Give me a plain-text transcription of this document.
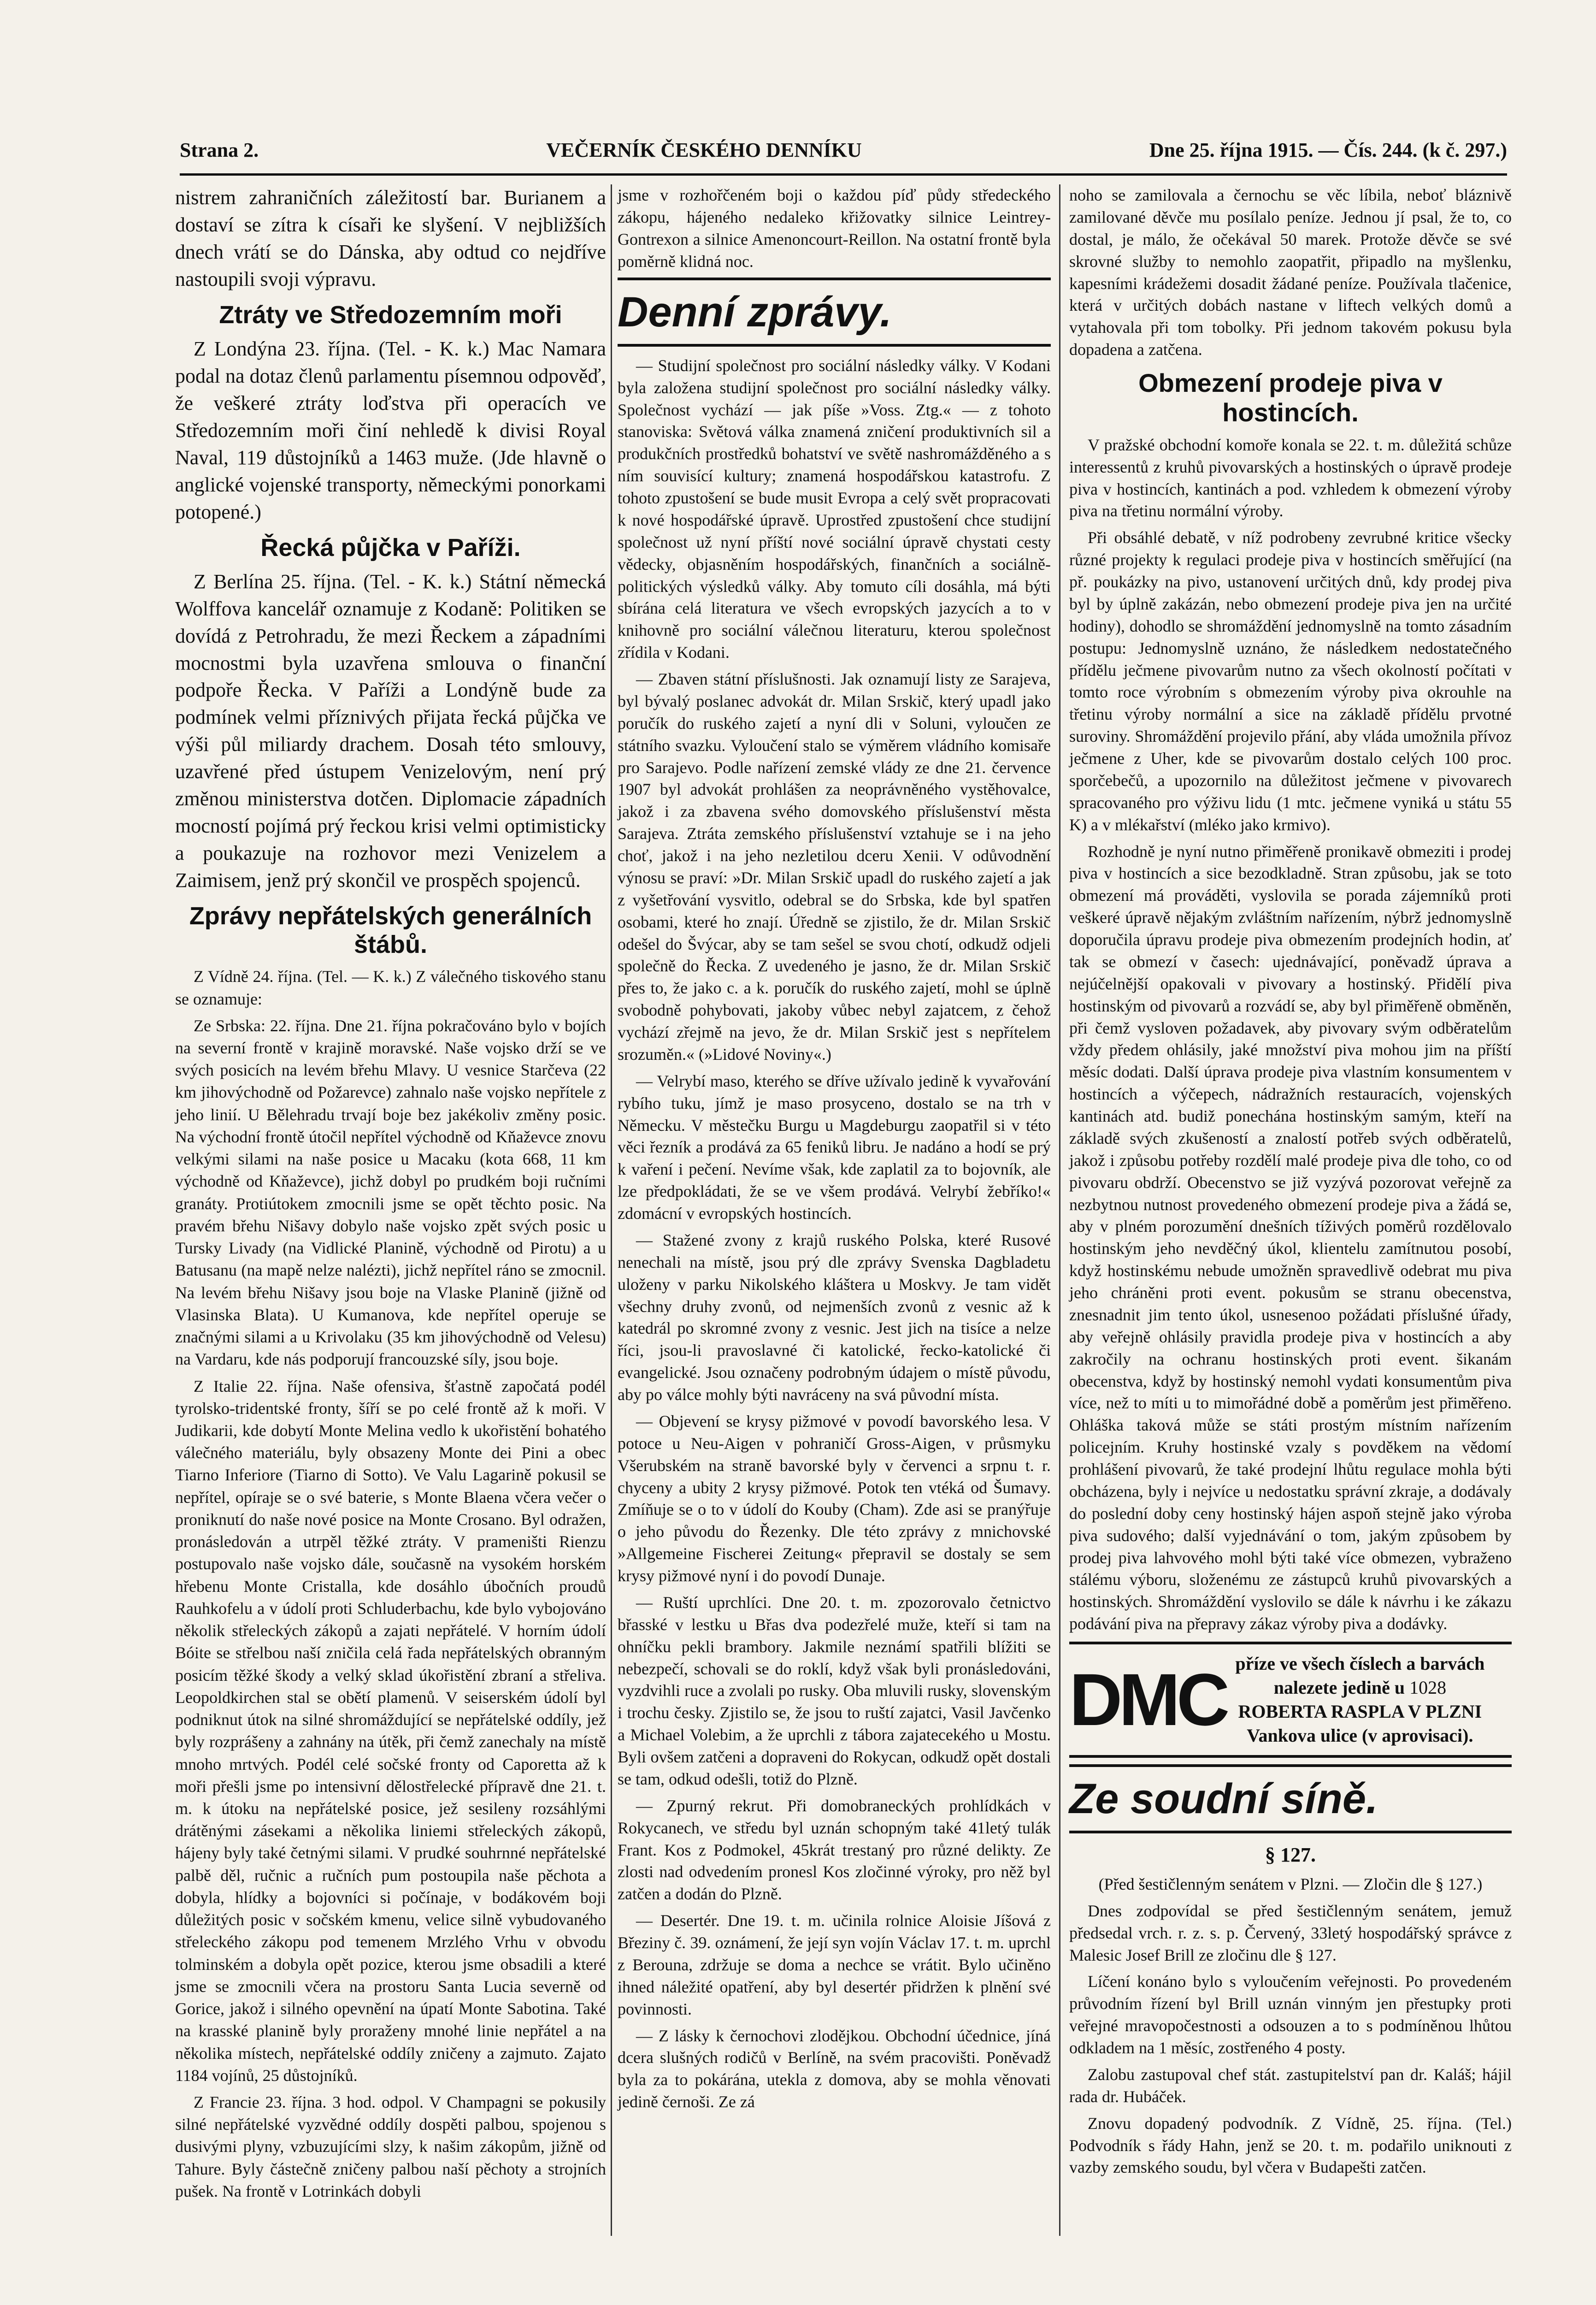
Strana 2.	VEČERNÍK ČESKÉHO DENNÍKU	Dne 25. října 1915. — Čís. 244. (k č. 297.)

nistrem zahraničních záležitostí bar. Burianem a dostaví se zítra k císaři ke slyšení. V nejbližších dnech vrátí se do Dánska, aby odtud co nejdříve nastoupili svoji výpravu.

Ztráty ve Středozemním moři

Z Londýna 23. října. (Tel. - K. k.) Mac Namara podal na dotaz členů parlamentu písemnou odpověď, že veškeré ztráty loďstva při operacích ve Středozemním moři činí nehledě k divisi Royal Naval, 119 důstojníků a 1463 muže. (Jde hlavně o anglické vojenské transporty, německými ponorkami potopené.)

Řecká půjčka v Paříži.

Z Berlína 25. října. (Tel. - K. k.) Státní německá Wolffova kancelář oznamuje z Kodaně: Politiken se dovídá z Petrohradu, že mezi Řeckem a západními mocnostmi byla uzavřena smlouva o finanční podpoře Řecka. V Paříži a Londýně bude za podmínek velmi příznivých přijata řecká půjčka ve výši půl miliardy drachem. Dosah této smlouvy, uzavřené před ústupem Venizelovým, není prý změnou ministerstva dotčen. Diplomacie západních mocností pojímá prý řeckou krisi velmi optimisticky a poukazuje na rozhovor mezi Venizelem a Zaimisem, jenž prý skončil ve prospěch spojenců.

Zprávy nepřátelských generálních štábů.

Z Vídně 24. října. (Tel. — K. k.) Z válečného tiskového stanu se oznamuje:

Ze Srbska: 22. října. Dne 21. října pokračováno bylo v bojích na severní frontě v krajině moravské. Naše vojsko drží se ve svých posicích na levém břehu Mlavy. U vesnice Starčeva (22 km jihovýchodně od Požarevce) zahnalo naše vojsko nepřítele z jeho linií. U Bělehradu trvají boje bez jakékoliv změny posic. Na východní frontě útočil nepřítel východně od Kňaževce znovu velkými silami na naše posice u Macaku (kota 668, 11 km východně od Kňaževce), jichž dobyl po prudkém boji ručními granáty. Protiútokem zmocnili jsme se opět těchto posic. Na pravém břehu Nišavy dobylo naše vojsko zpět svých posic u Tursky Livady (na Vidlické Planině, východně od Pirotu) a u Batusanu (na mapě nelze nalézti), jichž nepřítel ráno se zmocnil. Na levém břehu Nišavy jsou boje na Vlaske Planině (jižně od Vlasinska Blata). U Kumanova, kde nepřítel operuje se značnými silami a u Krivolaku (35 km jihovýchodně od Velesu) na Vardaru, kde nás podporují francouzské síly, jsou boje.

Z Italie 22. října. Naše ofensiva, šťastně započatá podél tyrolsko-tridentské fronty, šíří se po celé frontě až k moři. V Judikarii, kde dobytí Monte Melina vedlo k ukořistění bohatého válečného materiálu, byly obsazeny Monte dei Pini a obec Tiarno Inferiore (Tiarno di Sotto). Ve Valu Lagarině pokusil se nepřítel, opíraje se o své baterie, s Monte Blaena včera večer o proniknutí do naše nové posice na Monte Crosano. Byl odražen, pronásledován a utrpěl těžké ztráty. V prameništi Rienzu postupovalo naše vojsko dále, současně na vysokém horském hřebenu Monte Cristalla, kde dosáhlo úbočních proudů Rauhkofelu a v údolí proti Schluderbachu, kde bylo vybojováno několik střeleckých zákopů a zajati nepřátelé. V horním údolí Bóite se střelbou naší zničila celá řada nepřátelských obranným posicím těžké škody a velký sklad úkořistění zbraní a střeliva. Leopoldkirchen stal se obětí plamenů. V seiserském údolí byl podniknut útok na silné shromáždující se nepřátelské oddíly, jež byly rozprášeny a zahnány na útěk, při čemž zanechaly na místě mnoho mrtvých. Podél celé sočské fronty od Caporetta až k moři přešli jsme po intensivní dělostřelecké přípravě dne 21. t. m. k útoku na nepřátelské posice, jež sesileny rozsáhlými drátěnými zásekami a několika liniemi střeleckých zákopů, hájeny byly také četnými silami. V prudké souhrnné nepřátelské palbě děl, ručnic a ručních pum postoupila naše pěchota a dobyla, hlídky a bojovníci si počínaje, v bodákovém boji důležitých posic v sočském kmenu, velice silně vybudovaného střeleckého zákopu pod temenem Mrzlého Vrhu v obvodu tolminském a dobyla opět pozice, kterou jsme obsadili a které jsme se zmocnili včera na prostoru Santa Lucia severně od Gorice, jakož i silného opevnění na úpatí Monte Sabotina. Také na krasské planině byly proraženy mnohé linie nepřátel a na několika místech, nepřátelské oddíly zničeny a zajmuto. Zajato 1184 vojínů, 25 důstojníků.

Z Francie 23. října. 3 hod. odpol. V Champagni se pokusily silné nepřátelské vyzvědné oddíly dospěti palbou, spojenou s dusivými plyny, vzbuzujícími slzy, k našim zákopům, jižně od Tahure. Byly částečně zničeny palbou naší pěchoty a strojních pušek. Na frontě v Lotrinkách dobyli

jsme v rozhořčeném boji o každou píď půdy středeckého zákopu, hájeného nedaleko křižovatky silnice Leintrey-Gontrexon a silnice Amenoncourt-Reillon. Na ostatní frontě byla poměrně klidná noc.

Denní zprávy.

— Studijní společnost pro sociální následky války. V Kodani byla založena studijní společnost pro sociální následky války. Společnost vychází — jak píše »Voss. Ztg.« — z tohoto stanoviska: Světová válka znamená zničení produktivních sil a produkčních prostředků bohatství ve světě nashromážděného a s ním souvisící kultury; znamená hospodářskou katastrofu. Z tohoto zpustošení se bude musit Evropa a celý svět propracovati k nové hospodářské úpravě. Uprostřed zpustošení chce studijní společnost už nyní příští nové sociální úpravě chystati cesty vědecky, objasněním hospodářských, finančních a sociálně-politických výsledků války. Aby tomuto cíli dosáhla, má býti sbírána celá literatura ve všech evropských jazycích a to v knihovně pro sociální válečnou literaturu, kterou společnost zřídila v Kodani.

— Zbaven státní příslušnosti. Jak oznamují listy ze Sarajeva, byl bývalý poslanec advokát dr. Milan Srskič, který upadl jako poručík do ruského zajetí a nyní dli v Soluni, vyloučen ze státního svazku. Vyloučení stalo se výměrem vládního komisaře pro Sarajevo. Podle nařízení zemské vlády ze dne 21. července 1907 byl advokát prohlášen za neoprávněného vystěhovalce, jakož i za zbavena svého domovského příslušenství města Sarajeva. Ztráta zemského příslušenství vztahuje se i na jeho choť, jakož i na jeho nezletilou dceru Xenii. V odůvodnění výnosu se praví: »Dr. Milan Srskič upadl do ruského zajetí a jak z vyšetřování vysvitlo, odebral se do Srbska, kde byl spatřen osobami, které ho znají. Úředně se zjistilo, že dr. Milan Srskič odešel do Švýcar, aby se tam sešel se svou chotí, odkudž odjeli společně do Řecka. Z uvedeného je jasno, že dr. Milan Srskič přes to, že jako c. a k. poručík do ruského zajetí, mohl se úplně svobodně pohybovati, jakoby vůbec nebyl zajatcem, z čehož vychází zřejmě na jevo, že dr. Milan Srskič jest s nepřítelem srozuměn.« (»Lidové Noviny«.)

— Velrybí maso, kterého se dříve užívalo jedině k vyvařování rybího tuku, jímž je maso prosyceno, dostalo se na trh v Německu. V městečku Burgu u Magdeburgu zaopatřil si v této věci řezník a prodává za 65 feniků libru. Je nadáno a hodí se prý k vaření i pečení. Nevíme však, kde zaplatil za to bojovník, ale lze předpokládati, že se ve všem prodává. Velrybí žebříko!« zdomácní v evropských hostincích.

— Stažené zvony z krajů ruského Polska, které Rusové nenechali na místě, jsou prý dle zprávy Svenska Dagbladetu uloženy v parku Nikolského kláštera u Moskvy. Je tam vidět všechny druhy zvonů, od nejmenších zvonů z vesnic až k katedrál po skromné zvony z vesnic. Jest jich na tisíce a nelze říci, jsou-li pravoslavné či katolické, řecko-katolické či evangelické. Jsou označeny podrobným údajem o místě původu, aby po válce mohly býti navráceny na svá původní místa.

— Objevení se krysy pižmové v povodí bavorského lesa. V potoce u Neu-Aigen v pohraničí Gross-Aigen, v průsmyku Všerubském na straně bavorské byly v červenci a srpnu t. r. chyceny a ubity 2 krysy pižmové. Potok ten vtéká od Šumavy. Zmíňuje se o to v údolí do Kouby (Cham). Zde asi se pranýřuje o jeho původu do Řezenky. Dle této zprávy z mnichovské »Allgemeine Fischerei Zeitung« přepravil se dostaly se sem krysy pižmové nyní i do povodí Dunaje.

— Ruští uprchlíci. Dne 20. t. m. zpozorovalo četnictvo břasské v lestku u Břas dva podezřelé muže, kteří si tam na ohníčku pekli brambory. Jakmile neznámí spatřili blížiti se nebezpečí, schovali se do roklí, když však byli pronásledováni, vyzdvihli ruce a zvolali po rusky. Oba mluvili rusky, slovenským i trochu česky. Zjistilo se, že jsou to ruští zajatci, Vasil Javčenko a Michael Volebim, a že uprchli z tábora zajatecekého u Mostu. Byli ovšem zatčeni a dopraveni do Rokycan, odkudž opět dostali se tam, odkud odešli, totiž do Plzně.

— Zpurný rekrut. Při domobraneckých prohlídkách v Rokycanech, ve středu byl uznán schopným také 41letý tulák Frant. Kos z Podmokel, 45krát trestaný pro různé delikty. Ze zlosti nad odvedením pronesl Kos zločinné výroky, pro něž byl zatčen a dodán do Plzně.

— Desertér. Dne 19. t. m. učinila rolnice Aloisie Jíšová z Březiny č. 39. oznámení, že její syn vojín Václav 17. t. m. uprchl z Berouna, zdržuje se doma a nechce se vrátit. Bylo učiněno ihned náležité opatření, aby byl desertér přidržen k plnění své povinnosti.

— Z lásky k černochovi zlodějkou. Obchodní účednice, jíná dcera slušných rodičů v Berlíně, na svém pracovišti. Poněvadž byla za to pokárána, utekla z domova, aby se mohla věnovati jedině černoši. Ze zá

noho se zamilovala a černochu se věc líbila, neboť bláznivě zamilované děvče mu posílalo peníze. Jednou jí psal, že to, co dostal, je málo, že očekával 50 marek. Protože děvče se své skrovné služby to nemohlo zaopatřit, připadlo na myšlenku, kapesními krádežemi dosadit žádané peníze. Používala tlačenice, která v určitých dobách nastane v liftech velkých domů a vytahovala při tom tobolky. Při jednom takovém pokusu byla dopadena a zatčena.

Obmezení prodeje piva v hostincích.

V pražské obchodní komoře konala se 22. t. m. důležitá schůze interessentů z kruhů pivovarských a hostinských o úpravě prodeje piva v hostincích, kantinách a pod. vzhledem k obmezení výroby piva na třetinu normální výroby.

Při obsáhlé debatě, v níž podrobeny zevrubné kritice všecky různé projekty k regulaci prodeje piva v hostincích směřující (na př. poukázky na pivo, ustanovení určitých dnů, kdy prodej piva byl by úplně zakázán, nebo obmezení prodeje piva jen na určité hodiny), dohodlo se shromáždění jednomyslně na tomto zásadním postupu: Jednomyslně uznáno, že následkem nedostatečného přídělu ječmene pivovarům nutno za všech okolností počítati v tomto roce výrobním s obmezením výroby piva okrouhle na třetinu výroby normální a sice na základě přídělu prvotné suroviny. Shromáždění projevilo přání, aby vláda umožnila přívoz ječmene z Uher, kde se pivovarům dostalo celých 100 proc. sporčebečů, a upozornilo na důležitost ječmene v pivovarech spracovaného pro výživu lidu (1 mtc. ječmene vyniká u státu 55 K) a v mlékařství (mléko jako krmivo).

Rozhodně je nyní nutno přiměřeně pronikavě obmeziti i prodej piva v hostincích a sice bezodkladně. Stran způsobu, jak se toto obmezení má prováděti, vyslovila se porada zájemníků proti veškeré úpravě nějakým zvláštním nařízením, nýbrž jednomyslně doporučila úpravu prodeje piva obmezením prodejních hodin, ať tak se obmezí v časech: ujednávající, poněvadž úprava a nejúčelnější opakovali v pivovary a hostinský. Přidělí piva hostinským od pivovarů a rozvádí se, aby byl přiměřeně obměněn, při čemž vysloven požadavek, aby pivovary svým odběratelům vždy předem ohlásily, jaké množství piva mohou jim na příští měsíc dodati. Další úprava prodeje piva vlastním konsumentem v hostincích a výčepech, nádražních restauracích, vojenských kantinách atd. budiž ponechána hostinským samým, kteří na základě svých zkušeností a znalostí potřeb svých odběratelů, jakož i způsobu potřeby rozdělí malé prodeje piva dle toho, co od pivovaru obdrží. Obecenstvo se již vyzývá pozorovat veřejně za nezbytnou nutnost provedeného obmezení prodeje piva a žádá se, aby v plném porozumění dnešních tíživých poměrů rozdělovalo hostinským jeho nevděčný úkol, klientelu zamítnutou posobí, když hostinskému nebude umožněn spravedlivě odebrat mu piva jeho chráněni proti event. pokusům se stranu obecenstva, znesnadnit jim tento úkol, usnesenoo požádati příslušné úřady, aby veřejně ohlásily pravidla prodeje piva v hostincích a aby zakročily na ochranu hostinských proti event. šikanám obecenstva, když by hostinský nemohl vydati konsumentům piva více, než to míti u to mimořádné době a poměrům jest přiměřeno. Ohláška taková může se státi prostým místním nařízením policejním. Kruhy hostinské vzaly s povděkem na vědomí prohlášení pivovarů, že také prodejní lhůtu regulace mohla býti obcházena, byly i nejvíce u nedostatku správní zkraje, a dodávaly do poslední doby ceny hostinský hájen aspoň stejně jako výroba piva sudového; další vyjednávání o tom, jakým způsobem by prodej piva lahvového mohl býti také více obmezen, vybraženo stálému výboru, složenému ze zástupců kruhů pivovarských a hostinských. Shromáždění vyslovilo se dále k návrhu i ke zákazu podávání piva na přepravy zákaz výroby piva a dodávky.

DMC příze ve všech číslech a barvách
nalezete jedině u 1028
ROBERTA RASPLA V PLZNI
Vankova ulice (v aprovisaci).
Ze soudní síně.

§ 127.

(Před šestičlenným senátem v Plzni. — Zločin dle § 127.)

Dnes zodpovídal se před šestičlenným senátem, jemuž předsedal vrch. r. z. s. p. Červený, 33letý hospodářský správce z Malesic Josef Brill ze zločinu dle § 127.

Líčení konáno bylo s vyloučením veřejnosti. Po provedeném průvodním řízení byl Brill uznán vinným jen přestupky proti veřejné mravopočestnosti a odsouzen a to s podmíněnou lhůtou odkladem na 1 měsíc, zostřeného 4 posty.

Zalobu zastupoval chef stát. zastupitelství pan dr. Kaláš; hájil rada dr. Hubáček.

Znovu dopadený podvodník. Z Vídně, 25. října. (Tel.) Podvodník s řády Hahn, jenž se 20. t. m. podařilo uniknouti z vazby zemského soudu, byl včera v Budapešti zatčen.
